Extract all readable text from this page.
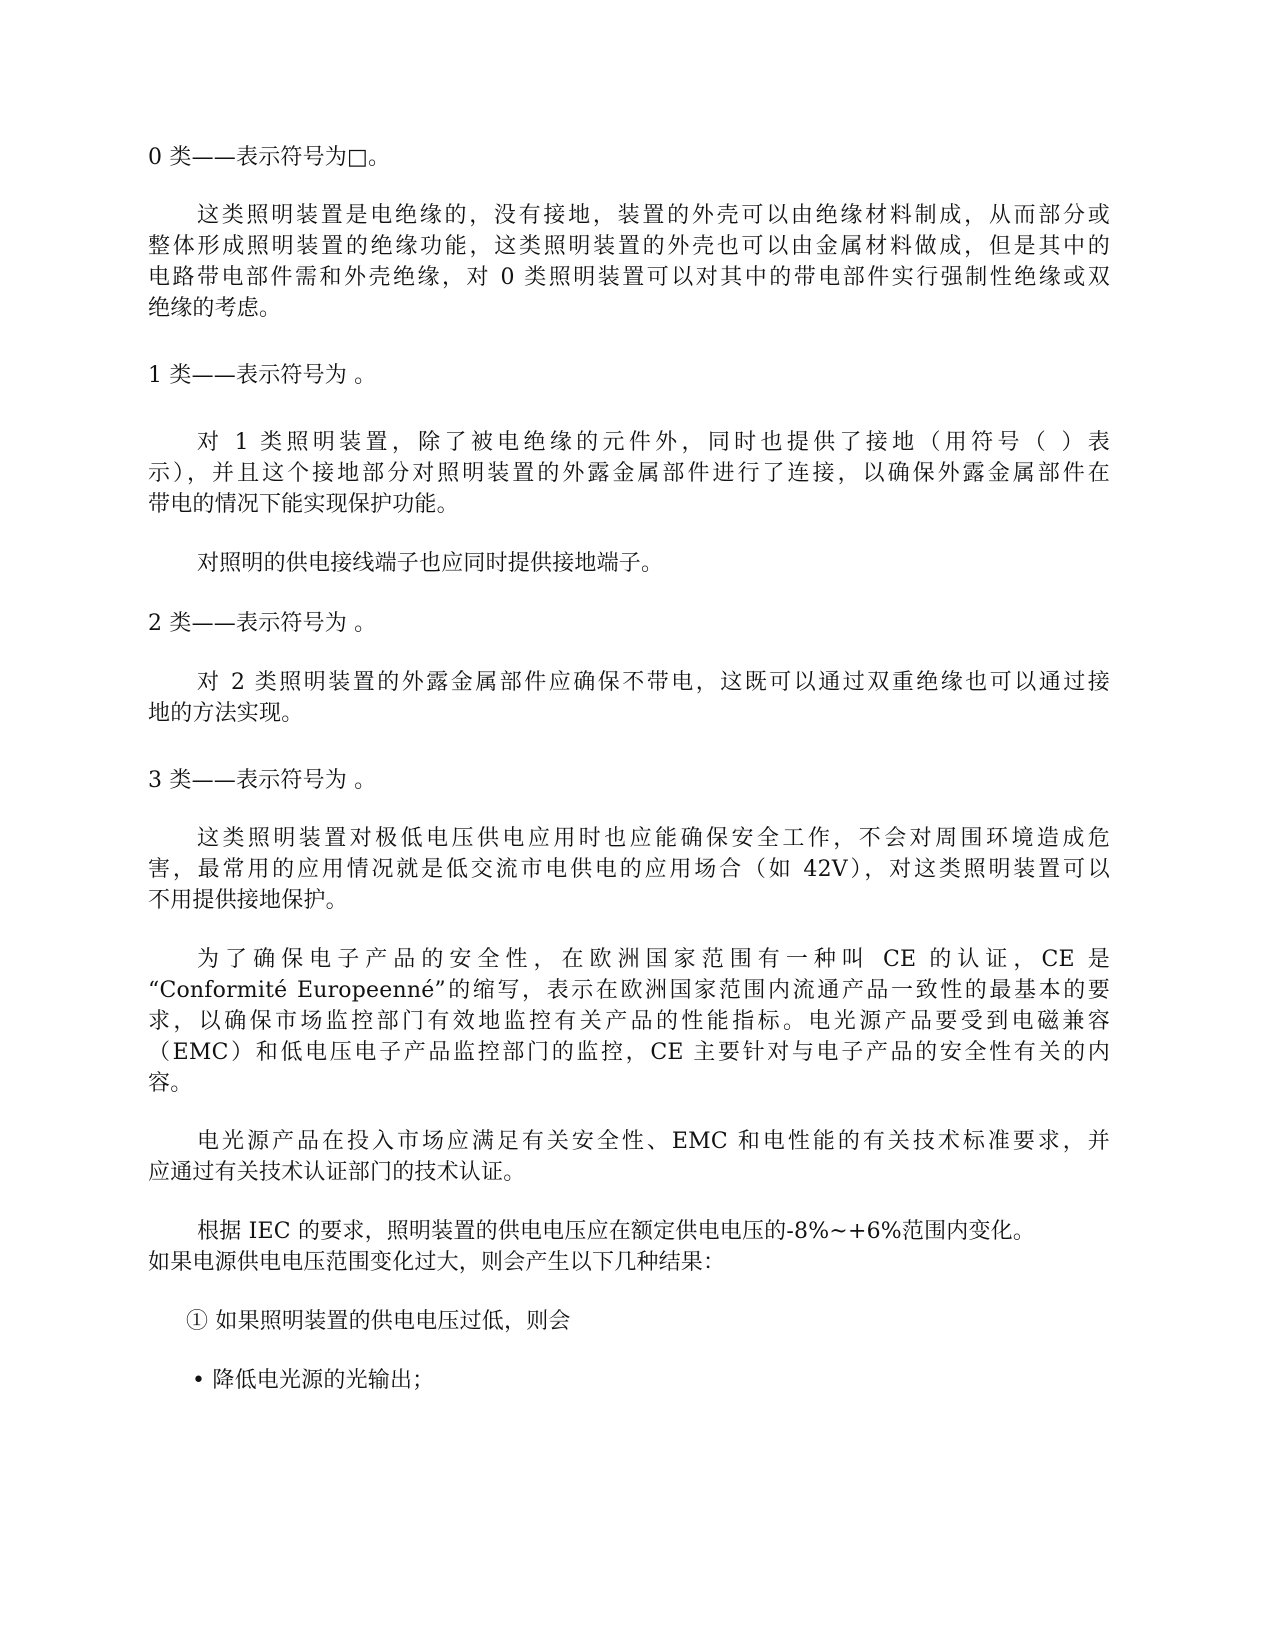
0 类——表示符号为□。
这类照明装置是电绝缘的，没有接地，装置的外壳可以由绝缘材料制成，从而部分或
整体形成照明装置的绝缘功能，这类照明装置的外壳也可以由金属材料做成，但是其中的
电路带电部件需和外壳绝缘，对 0 类照明装置可以对其中的带电部件实行强制性绝缘或双
绝缘的考虑。
1 类——表示符号为 。
对 1 类照明装置，除了被电绝缘的元件外，同时也提供了接地（用符号（ ）表
示），并且这个接地部分对照明装置的外露金属部件进行了连接，以确保外露金属部件在
带电的情况下能实现保护功能。
对照明的供电接线端子也应同时提供接地端子。
2 类——表示符号为 。
对 2 类照明装置的外露金属部件应确保不带电，这既可以通过双重绝缘也可以通过接
地的方法实现。
3 类——表示符号为 。
这类照明装置对极低电压供电应用时也应能确保安全工作，不会对周围环境造成危
害，最常用的应用情况就是低交流市电供电的应用场合（如 42V），对这类照明装置可以
不用提供接地保护。
为了确保电子产品的安全性，在欧洲国家范围有一种叫 CE 的认证，CE 是
“Conformité Europeenné”的缩写，表示在欧洲国家范围内流通产品一致性的最基本的要
求，以确保市场监控部门有效地监控有关产品的性能指标。电光源产品要受到电磁兼容
（EMC）和低电压电子产品监控部门的监控，CE 主要针对与电子产品的安全性有关的内
容。
电光源产品在投入市场应满足有关安全性、EMC 和电性能的有关技术标准要求，并
应通过有关技术认证部门的技术认证。
根据 IEC 的要求，照明装置的供电电压应在额定供电电压的-8%~+6%范围内变化。
如果电源供电电压范围变化过大，则会产生以下几种结果：
① 如果照明装置的供电电压过低，则会
• 降低电光源的光输出；
